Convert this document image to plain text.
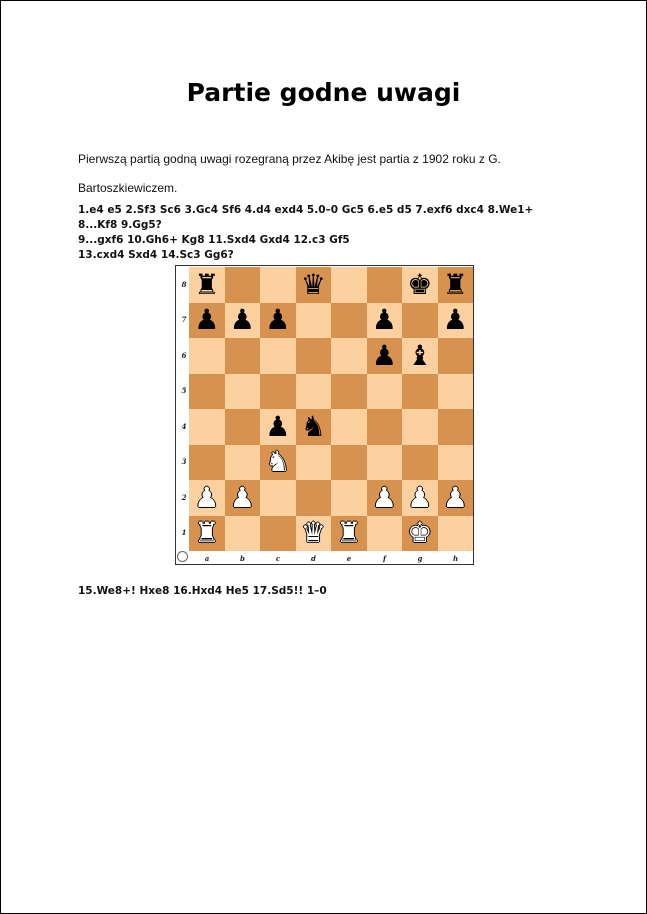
Partie godne uwagi
Pierwszą partią godną uwagi rozegraną przez Akibę jest partia z 1902 roku z G.
Bartoszkiewiczem.
1.e4 e5 2.Sf3 Sc6 3.Gc4 Sf6 4.d4 exd4 5.0–0 Gc5 6.e5 d5 7.exf6 dxc4 8.We1+
8...Kf8 9.Gg5?
9...gxf6 10.Gh6+ Kg8 11.Sxd4 Gxd4 12.c3 Gf5
13.cxd4 Sxd4 14.Sc3 Gg6?
8
7
6
5
4
3
2
1
♜	♛	♚ ♜
♟ ♟ ♟	♟ ♟
♟ ♝
♟ ♞
♞
♟ ♟	♟ ♟ ♟
♜	♛ ♜ ♚
a	b	c	d	e	f	g	h
15.We8+! Hxe8 16.Hxd4 He5 17.Sd5!! 1–0
